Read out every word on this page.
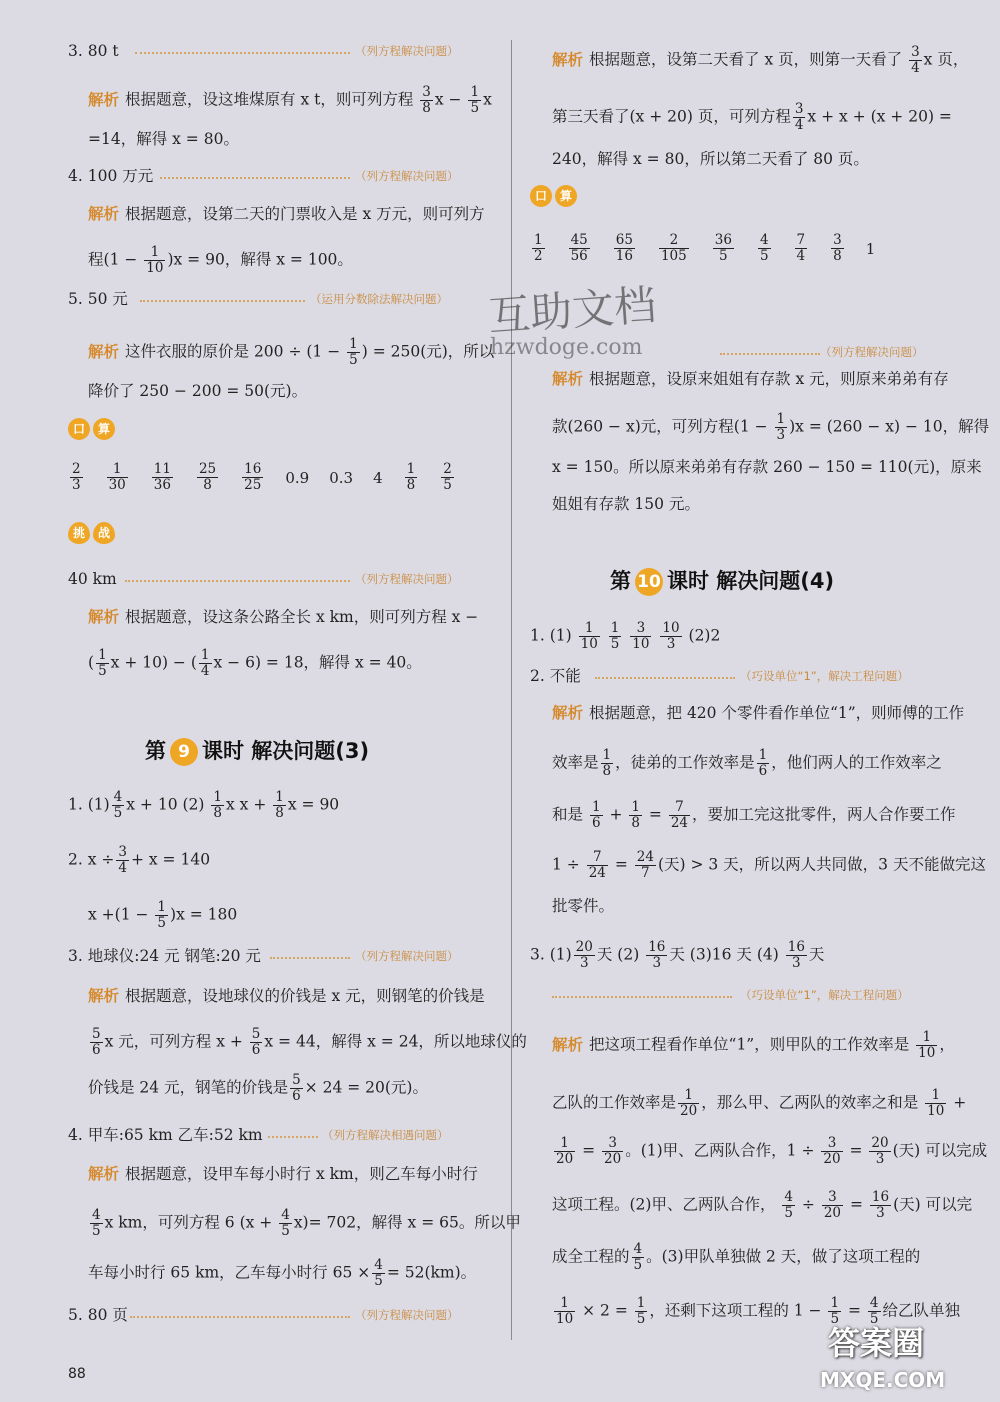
3. 80 t	（列方程解决问题）
解析 根据题意，设这堆煤原有 x t，则可列方程 $\frac{3}{8}$ $x - \frac{1}{5}$ x
=14，解得 x = 80。
4. 100 万元	（列方程解决问题）
解析 根据题意，设第二天的门票收入是 x 万元，则可列方
程$(1 - \frac{1}{10} )x = 90$，解得 x = 100。
5. 50 元	（运用分数除法解决问题）
解析 这件衣服的原价是 $200 \div (1 - \frac{1}{5}$ ) = 250(元)，所以
降价了 250 − 200 = 50(元)。
口	算
$\frac{2}{3} \frac{1}{30} \frac{11}{36} \frac{25}{8} \frac{16}{25} 0.9$ 0.3 $4 \frac{1}{8} \frac{2}{5}$
挑	战
40 km	（列方程解决问题）
解析 根据题意，设这条公路全长 x km，则可列方程 x −
( $\frac{1}{5}$ x + 10) − ( $\frac{1}{4}$ x − 6) = 18，解得 x = 40。
第 9 课时 解决问题(3)
1. $(1) \frac{4}{5}$ x + 10 $(2) \frac{1}{8}$ x $x + \frac{1}{8}$ x = 90
2. $x \div \frac{3}{4} + x = 140$
$x +(1 - \frac{1}{5} )x = 180$
3. 地球仪:24 元 钢笔:20 元	（列方程解决问题）
解析 根据题意，设地球仪的价钱是 x 元，则钢笔的价钱是
$\frac{5}{6}$ x 元，可列方程 $x + \frac{5}{6}$ x = 44，解得 x = 24，所以地球仪的
价钱是 24 元，钢笔的价钱是 $\frac{5}{6} \times 24 = 20$(元)。
4. 甲车:65 km 乙车:52 km	（列方程解决相遇问题）
解析 根据题意，设甲车每小时行 x km，则乙车每小时行
$\frac{4}{5}$ x km，可列方程 6 $(x + \frac{4}{5} x)= 702$，解得 x = 65。所以甲
车每小时行 65 km，乙车每小时行 $65 \times \frac{4}{5} = 52(km)$。
5. 80 页	（列方程解决问题）
88
解析 根据题意，设第二天看了 x 页，则第一天看了 $\frac{3}{4}$ x 页，
第三天看了(x + 20) 页，可列方程 $\frac{3}{4}$ x + x + (x + 20) =
240，解得 x = 80，所以第二天看了 80 页。
口	算
$\frac{1}{2} \frac{45}{56} \frac{65}{16} \frac{2}{105} \frac{36}{5} \frac{4}{5} \frac{7}{4} \frac{3}{8} 1$
（列方程解决问题）
解析 根据题意，设原来姐姐有存款 x 元，则原来弟弟有存
款(260 − x)元，可列方程$(1 - \frac{1}{3} )x = (260 - x) - 10$，解得
x = 150。所以原来弟弟有存款 260 − 150 = 110(元)，原来
姐姐有存款 150 元。
第 10 课时 解决问题(4)
1. $(1) \frac{1}{10}$
$\frac{1}{5}$
$\frac{3}{10}$
$\frac{10}{3} (2)2$
2. 不能	（巧设单位“1”，解决工程问题）
解析 根据题意，把 420 个零件看作单位“1”，则师傅的工作
效率是 $\frac{1}{8}$ ，徒弟的工作效率是 $\frac{1}{6}$ ，他们两人的工作效率之
和是 $\frac{1}{6} + \frac{1}{8} = \frac{7}{24}$ ，要加工完这批零件，两人合作要工作
$1 \div \frac{7}{24} = \frac{24}{7}$ (天) > 3 天，所以两人共同做，3 天不能做完这
批零件。
3. $(1) \frac{20}{3}$ 天 $(2) \frac{16}{3}$ 天 (3)16 天 $(4) \frac{16}{3}$ 天
（巧设单位“1”，解决工程问题）
解析 把这项工程看作单位“1”，则甲队的工作效率是 $\frac{1}{10}$ ，
乙队的工作效率是 $\frac{1}{20}$ ，那么甲、乙两队的效率之和是 $\frac{1}{10}$ +
$\frac{1}{20} = \frac{3}{20}$ 。(1)甲、乙两队合作，$1 \div \frac{3}{20} = \frac{20}{3}$ (天) 可以完成
这项工程。(2)甲、乙两队合作， $\frac{4}{5} \div \frac{3}{20} = \frac{16}{3}$ (天) 可以完
成全工程的 $\frac{4}{5}$ 。(3)甲队单独做 2 天，做了这项工程的
$\frac{1}{10} \times 2 = \frac{1}{5}$ ，还剩下这项工程的 $1 - \frac{1}{5} = \frac{4}{5}$ 给乙队单独
互助文档
hzwdoge.com
答案圈
MXQE.COM
